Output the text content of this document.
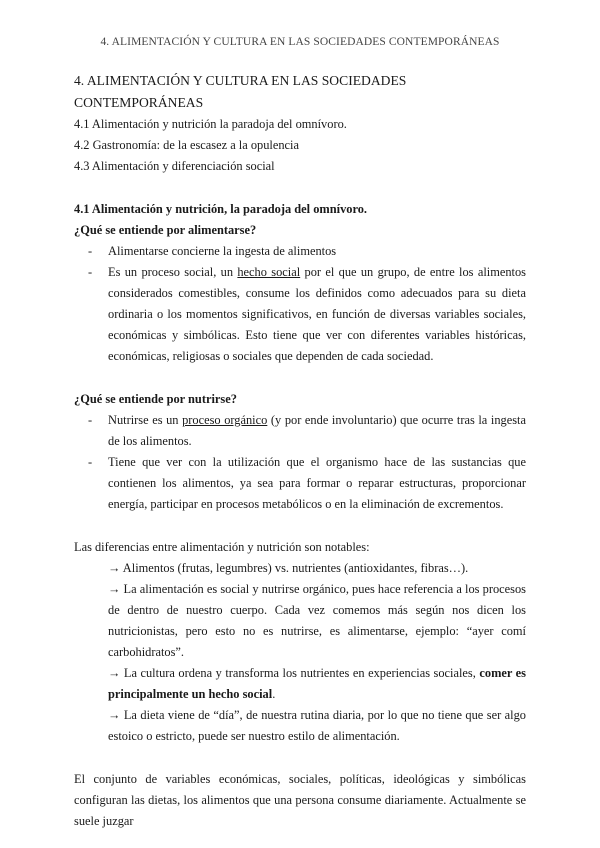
4. ALIMENTACIÓN Y CULTURA EN LAS SOCIEDADES CONTEMPORÁNEAS

4. ALIMENTACIÓN Y CULTURA EN LAS SOCIEDADES CONTEMPORÁNEAS

4.1 Alimentación y nutrición la paradoja del omnívoro.

4.2 Gastronomía: de la escasez a la opulencia

4.3 Alimentación y diferenciación social

4.1 Alimentación y nutrición, la paradoja del omnívoro.
¿Qué se entiende por alimentarse?
- Alimentarse concierne la ingesta de alimentos
- Es un proceso social, un hecho social por el que un grupo, de entre los alimentos considerados comestibles, consume los definidos como adecuados para su dieta ordinaria o los momentos significativos, en función de diversas variables sociales, económicas y simbólicas. Esto tiene que ver con diferentes variables históricas, económicas, religiosas o sociales que dependen de cada sociedad.
¿Qué se entiende por nutrirse?
- Nutrirse es un proceso orgánico (y por ende involuntario) que ocurre tras la ingesta de los alimentos.
- Tiene que ver con la utilización que el organismo hace de las sustancias que contienen los alimentos, ya sea para formar o reparar estructuras, proporcionar energía, participar en procesos metabólicos o en la eliminación de excrementos.

Las diferencias entre alimentación y nutrición son notables:

→ Alimentos (frutas, legumbres) vs. nutrientes (antioxidantes, fibras…).

→ La alimentación es social y nutrirse orgánico, pues hace referencia a los procesos de dentro de nuestro cuerpo. Cada vez comemos más según nos dicen los nutricionistas, pero esto no es nutrirse, es alimentarse, ejemplo: “ayer comí carbohidratos”.

→ La cultura ordena y transforma los nutrientes en experiencias sociales, comer es principalmente un hecho social.

→ La dieta viene de “día”, de nuestra rutina diaria, por lo que no tiene que ser algo estoico o estricto, puede ser nuestro estilo de alimentación.

El conjunto de variables económicas, sociales, políticas, ideológicas y simbólicas configuran las dietas, los alimentos que una persona consume diariamente. Actualmente se suele juzgar
